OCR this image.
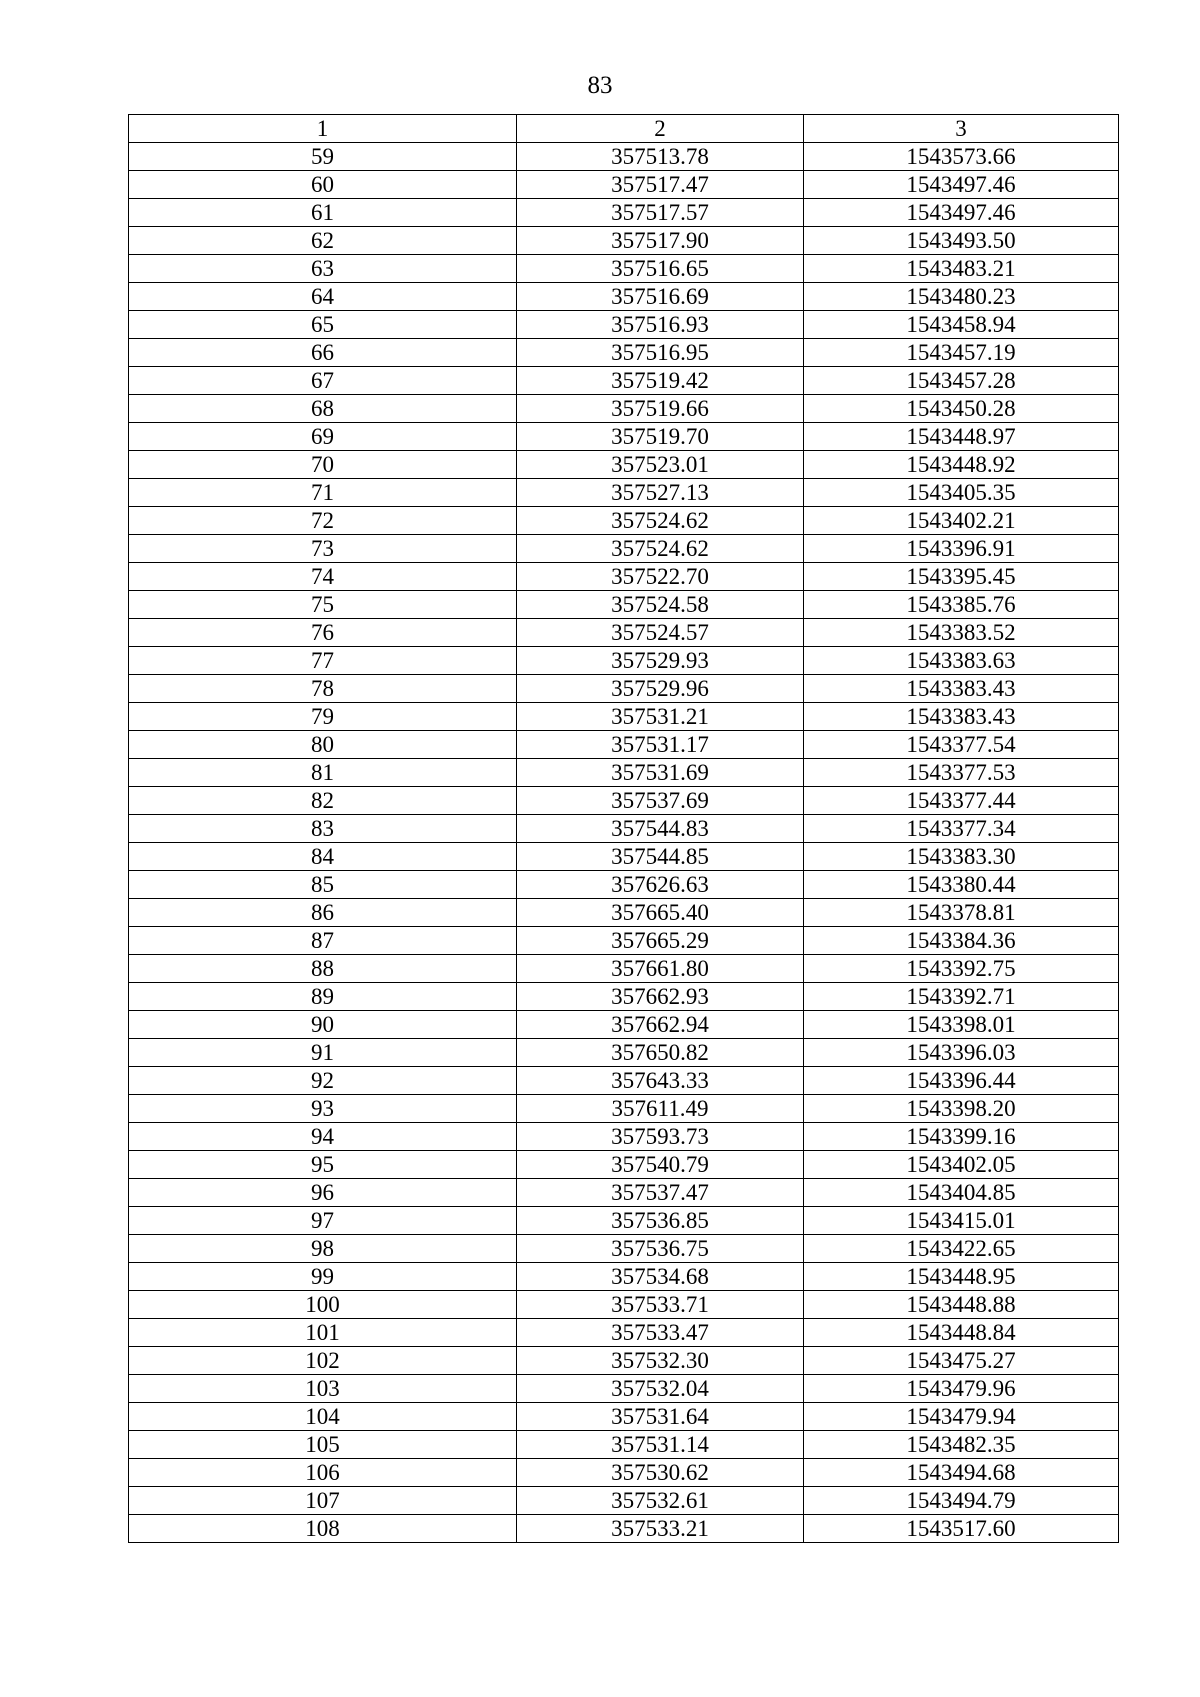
83
1	2	3
59	357513.78	1543573.66
60	357517.47	1543497.46
61	357517.57	1543497.46
62	357517.90	1543493.50
63	357516.65	1543483.21
64	357516.69	1543480.23
65	357516.93	1543458.94
66	357516.95	1543457.19
67	357519.42	1543457.28
68	357519.66	1543450.28
69	357519.70	1543448.97
70	357523.01	1543448.92
71	357527.13	1543405.35
72	357524.62	1543402.21
73	357524.62	1543396.91
74	357522.70	1543395.45
75	357524.58	1543385.76
76	357524.57	1543383.52
77	357529.93	1543383.63
78	357529.96	1543383.43
79	357531.21	1543383.43
80	357531.17	1543377.54
81	357531.69	1543377.53
82	357537.69	1543377.44
83	357544.83	1543377.34
84	357544.85	1543383.30
85	357626.63	1543380.44
86	357665.40	1543378.81
87	357665.29	1543384.36
88	357661.80	1543392.75
89	357662.93	1543392.71
90	357662.94	1543398.01
91	357650.82	1543396.03
92	357643.33	1543396.44
93	357611.49	1543398.20
94	357593.73	1543399.16
95	357540.79	1543402.05
96	357537.47	1543404.85
97	357536.85	1543415.01
98	357536.75	1543422.65
99	357534.68	1543448.95
100	357533.71	1543448.88
101	357533.47	1543448.84
102	357532.30	1543475.27
103	357532.04	1543479.96
104	357531.64	1543479.94
105	357531.14	1543482.35
106	357530.62	1543494.68
107	357532.61	1543494.79
108	357533.21	1543517.60
